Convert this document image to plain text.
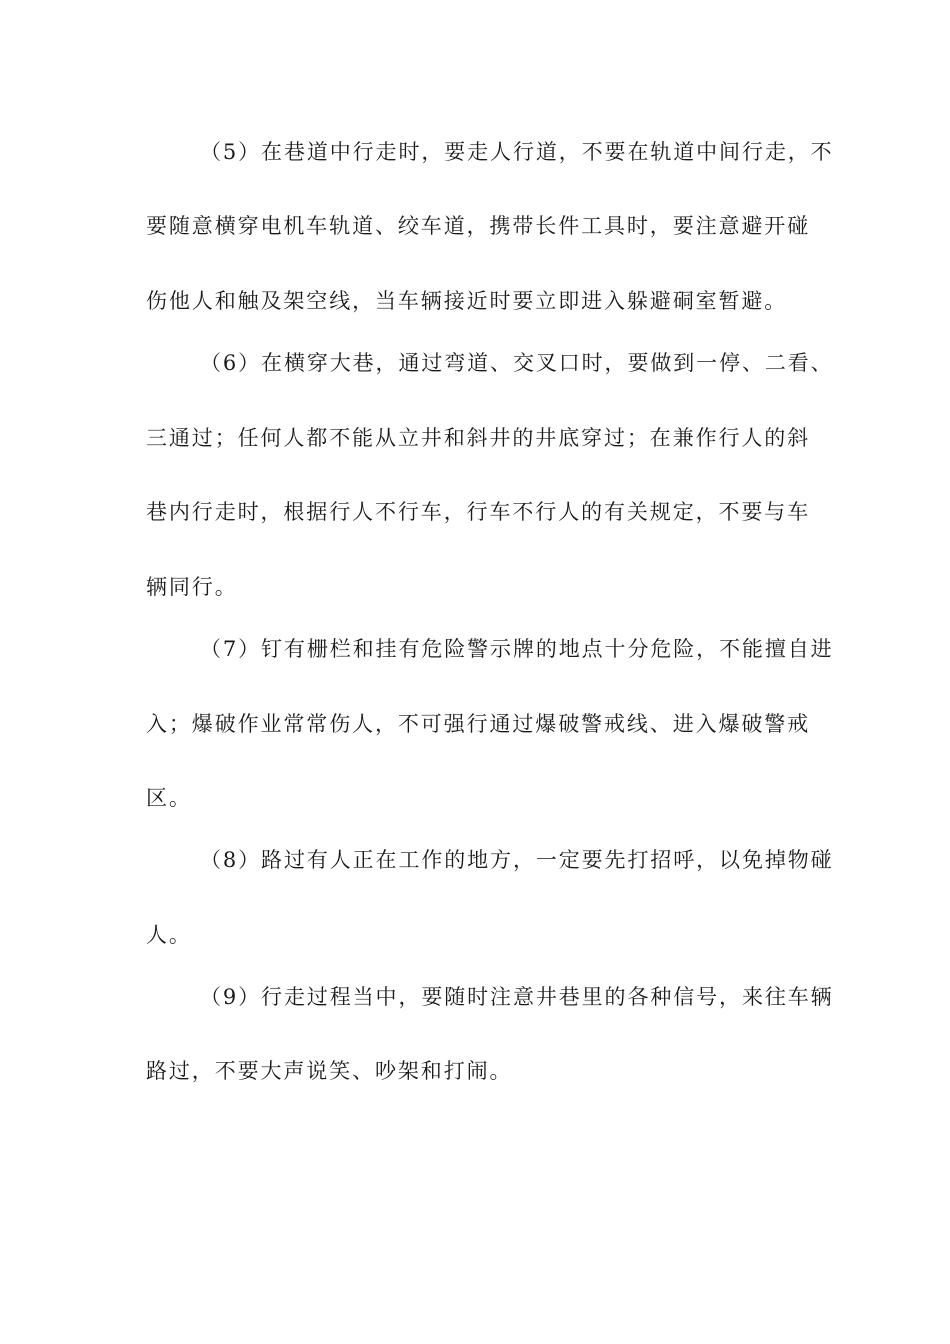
（5）在巷道中行走时，要走人行道，不要在轨道中间行走，不
要随意横穿电机车轨道、绞车道，携带长件工具时，要注意避开碰
伤他人和触及架空线，当车辆接近时要立即进入躲避硐室暂避。
（6）在横穿大巷，通过弯道、交叉口时，要做到一停、二看、
三通过；任何人都不能从立井和斜井的井底穿过；在兼作行人的斜
巷内行走时，根据行人不行车，行车不行人的有关规定，不要与车
辆同行。
（7）钉有栅栏和挂有危险警示牌的地点十分危险，不能擅自进
入；爆破作业常常伤人，不可强行通过爆破警戒线、进入爆破警戒
区。
（8）路过有人正在工作的地方，一定要先打招呼，以免掉物碰
人。
（9）行走过程当中，要随时注意井巷里的各种信号，来往车辆
路过，不要大声说笑、吵架和打闹。
